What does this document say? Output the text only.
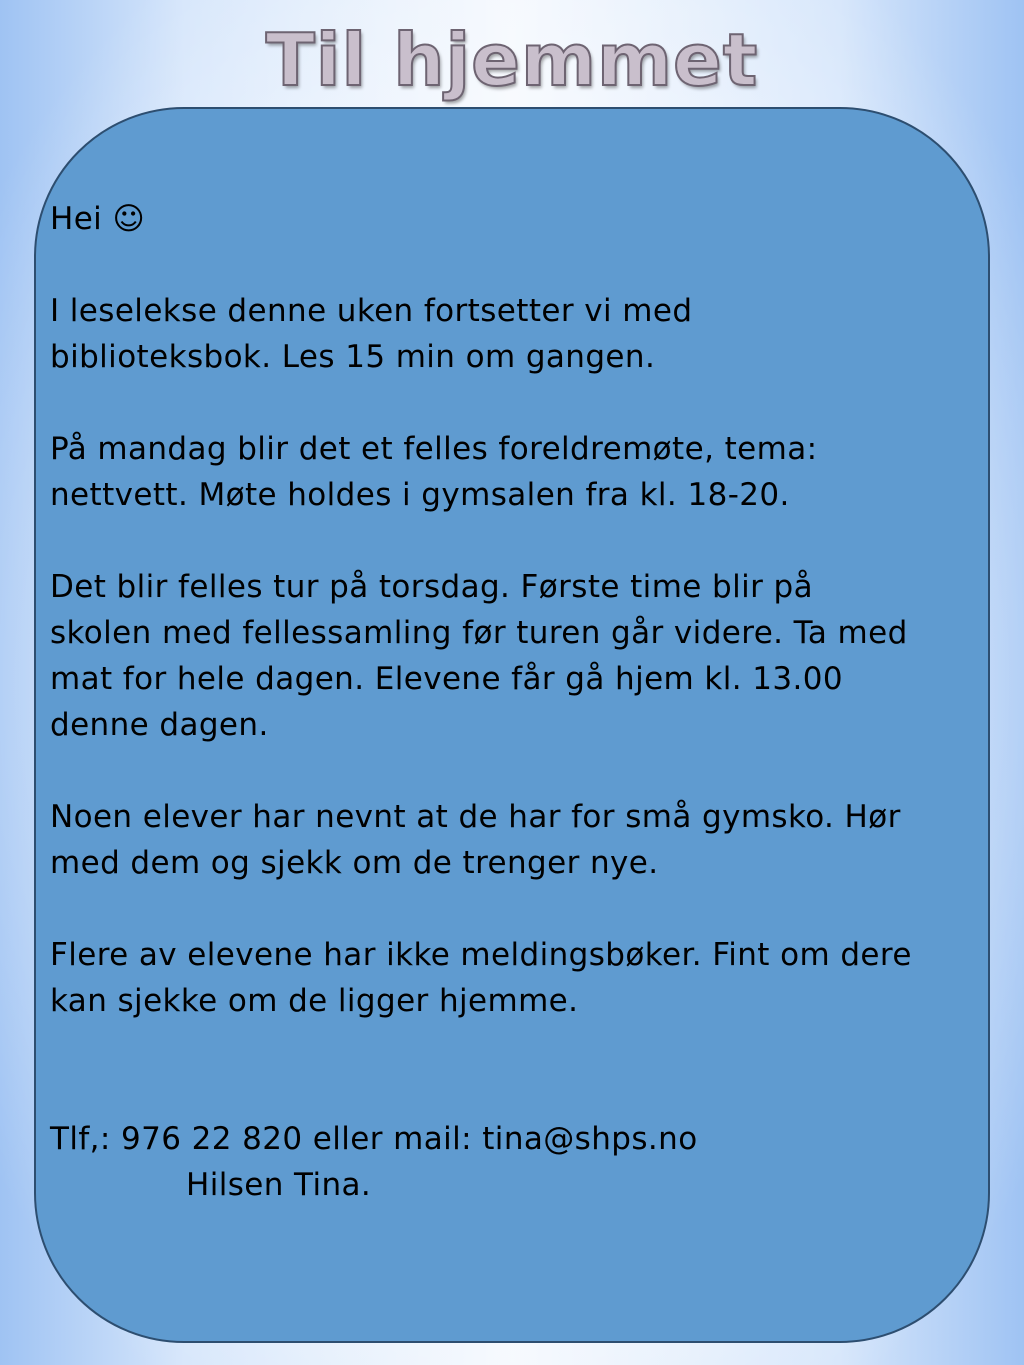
Til hjemmet

Hei ☺

I leselekse denne uken fortsetter vi med

biblioteksbok. Les 15 min om gangen.

På mandag blir det et felles foreldremøte, tema:

nettvett. Møte holdes i gymsalen fra kl. 18-20.

Det blir felles tur på torsdag. Første time blir på

skolen med fellessamling før turen går videre. Ta med

mat for hele dagen. Elevene får gå hjem kl. 13.00

denne dagen.

Noen elever har nevnt at de har for små gymsko. Hør

med dem og sjekk om de trenger nye.

Flere av elevene har ikke meldingsbøker. Fint om dere

kan sjekke om de ligger hjemme.

Tlf,: 976 22 820 eller mail: tina@shps.no

Hilsen Tina.
